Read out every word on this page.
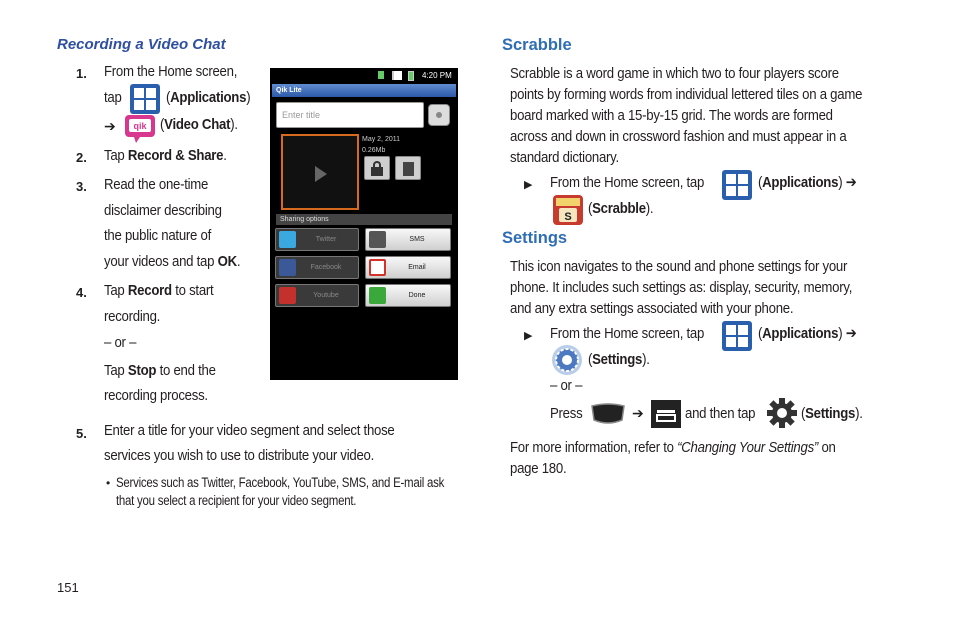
Recording a Video Chat
1. From the Home screen,
tap	(Applications)
➔ qik (Video Chat).
2. Tap Record & Share.
3. Read the one-time
disclaimer describing
the public nature of
your videos and tap OK.
4. Tap Record to start
recording.
– or –
Tap Stop to end the
recording process.
5. Enter a title for your video segment and select those
services you wish to use to distribute your video.
• Services such as Twitter, Facebook, YouTube, SMS, and E-mail ask
that you select a recipient for your video segment.
151
4:20 PM
Qik Lite
Enter title
May 2, 2011
0.26Mb
Sharing options
Twitter	SMS
Facebook	Email
Youtube	Done
Scrabble
Scrabble is a word game in which two to four players score
points by forming words from individual lettered tiles on a game
board marked with a 15-by-15 grid. The words are formed
across and down in crossword fashion and must appear in a
standard dictionary.
▶ From the Home screen, tap	(Applications) ➔
S (Scrabble).
Settings
This icon navigates to the sound and phone settings for your
phone. It includes such settings as: display, security, memory,
and any extra settings associated with your phone.
▶ From the Home screen, tap	(Applications) ➔
(Settings).
– or –
Press	➔	and then tap	(Settings).
For more information, refer to “Changing Your Settings” on
page 180.
